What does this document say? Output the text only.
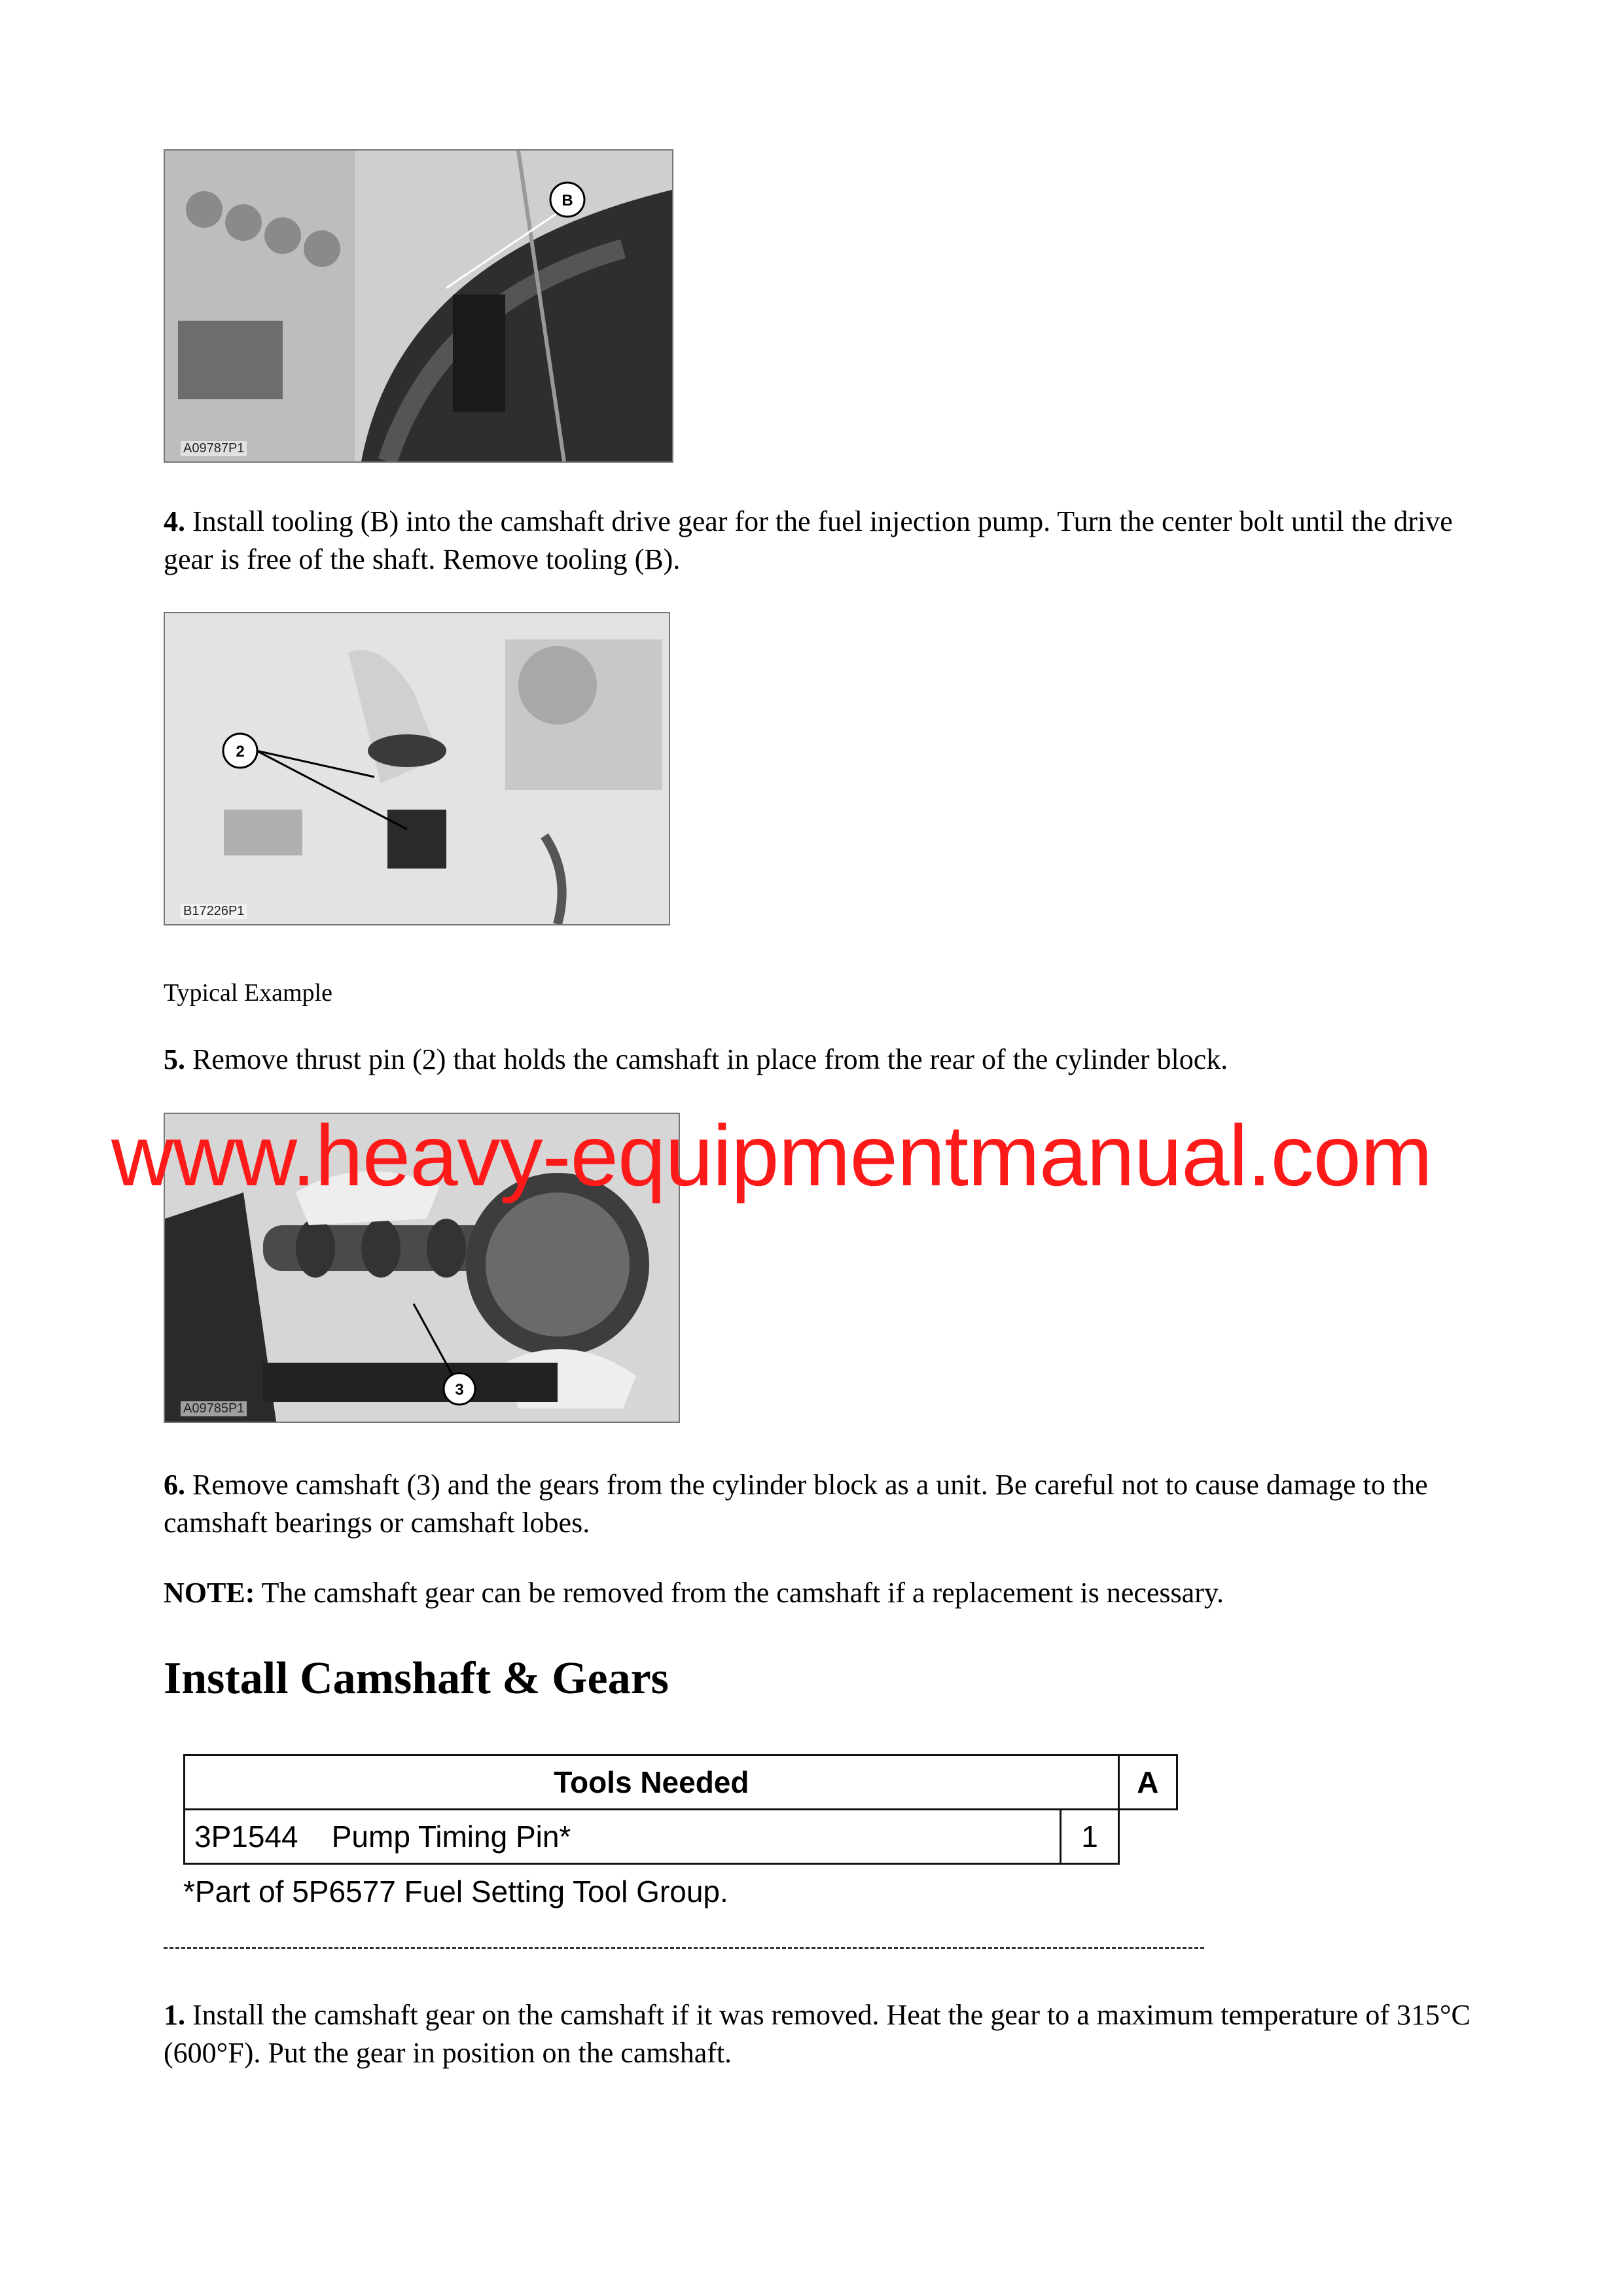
B
A09787P1

4. Install tooling (B) into the camshaft drive gear for the fuel injection pump. Turn the center bolt until the drive gear is free of the shaft. Remove tooling (B).

2
B17226P1

Typical Example

5. Remove thrust pin (2) that holds the camshaft in place from the rear of the cylinder block.

3
A09785P1

www.heavy-equipmentmanual.com

6. Remove camshaft (3) and the gears from the cylinder block as a unit. Be careful not to cause damage to the camshaft bearings or camshaft lobes.

NOTE: The camshaft gear can be removed from the camshaft if a replacement is necessary.

Install Camshaft & Gears
Tools Needed		A
3P1544 Pump Timing Pin*	1	
*Part of 5P6577 Fuel Setting Tool Group.

1. Install the camshaft gear on the camshaft if it was removed. Heat the gear to a maximum temperature of 315°C (600°F). Put the gear in position on the camshaft.
